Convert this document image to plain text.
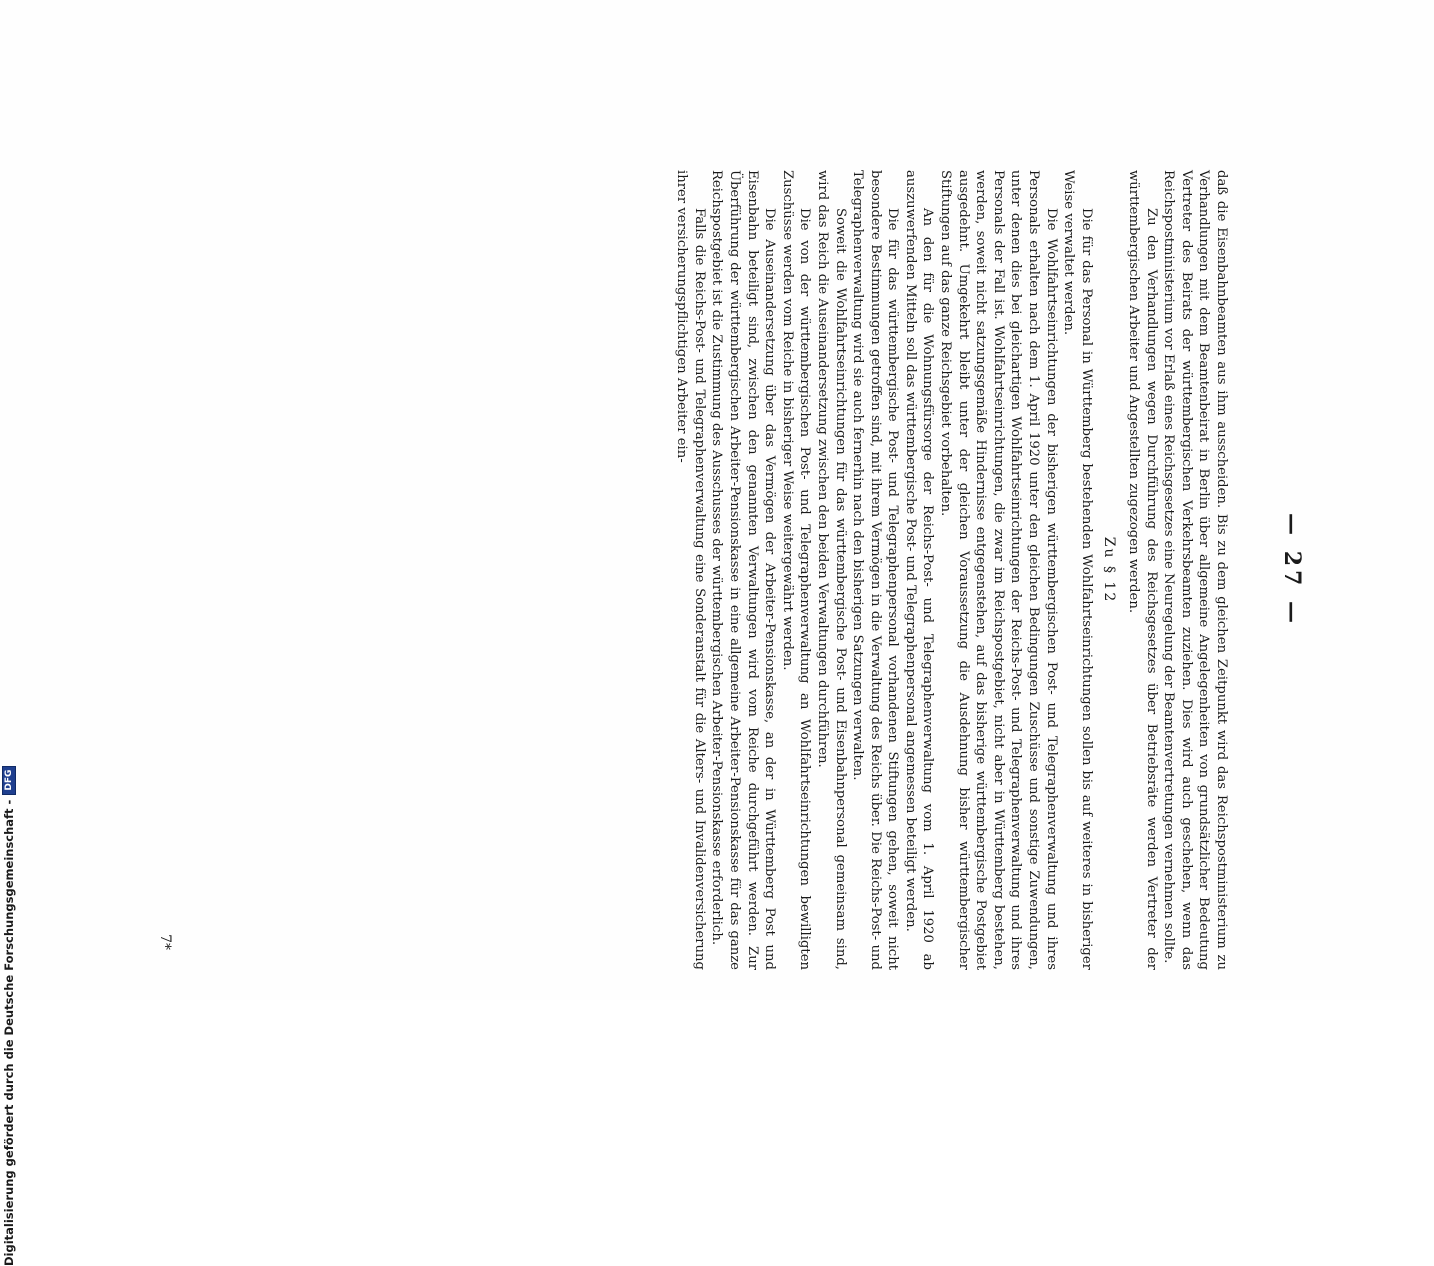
— 27 —

daß die Eisenbahnbeamten aus ihm ausscheiden. Bis zu dem gleichen Zeitpunkt wird das Reichspostministerium zu Verhandlungen mit dem Beamtenbeirat in Berlin über allgemeine Angelegenheiten von grundsätzlicher Bedeutung Vertreter des Beirats der württembergischen Verkehrsbeamten zuziehen. Dies wird auch geschehen, wenn das Reichspostministerium vor Erlaß eines Reichsgesetzes eine Neuregelung der Beamtenvertretungen vernehmen sollte.

Zu den Verhandlungen wegen Durchführung des Reichsgesetzes über Betriebsräte werden Vertreter der württembergischen Arbeiter und Angestellten zugezogen werden.

Zu § 12

Die für das Personal in Württemberg bestehenden Wohlfahrtseinrichtungen sollen bis auf weiteres in bisheriger Weise verwaltet werden.

Die Wohlfahrtseinrichtungen der bisherigen württembergischen Post- und Telegraphenverwaltung und ihres Personals erhalten nach dem 1. April 1920 unter den gleichen Bedingungen Zuschüsse und sonstige Zuwendungen, unter denen dies bei gleichartigen Wohlfahrtseinrichtungen der Reichs-Post- und Telegraphenverwaltung und ihres Personals der Fall ist. Wohlfahrtseinrichtungen, die zwar im Reichspostgebiet, nicht aber in Württemberg bestehen, werden, soweit nicht satzungsgemäße Hindernisse entgegenstehen, auf das bisherige württembergische Postgebiet ausgedehnt. Umgekehrt bleibt unter der gleichen Voraussetzung die Ausdehnung bisher württembergischer Stiftungen auf das ganze Reichsgebiet vorbehalten.

An den für die Wohnungsfürsorge der Reichs-Post- und Telegraphenverwaltung vom 1. April 1920 ab auszuwerfenden Mitteln soll das württembergische Post- und Telegraphenpersonal angemessen beteiligt werden.

Die für das württembergische Post- und Telegraphenpersonal vorhandenen Stiftungen gehen, soweit nicht besondere Bestimmungen getroffen sind, mit ihrem Vermögen in die Verwaltung des Reichs über. Die Reichs-Post- und Telegraphenverwaltung wird sie auch fernerhin nach den bisherigen Satzungen verwalten.

Soweit die Wohlfahrtseinrichtungen für das württembergische Post- und Eisenbahnpersonal gemeinsam sind, wird das Reich die Auseinandersetzung zwischen den beiden Verwaltungen durchführen.

Die von der württembergischen Post- und Telegraphenverwaltung an Wohlfahrtseinrichtungen bewilligten Zuschüsse werden vom Reiche in bisheriger Weise weitergewährt werden.

Die Auseinandersetzung über das Vermögen der Arbeiter-Pensionskasse, an der in Württemberg Post und Eisenbahn beteiligt sind, zwischen den genannten Verwaltungen wird vom Reiche durchgeführt werden. Zur Überführung der württembergischen Arbeiter-Pensionskasse in eine allgemeine Arbeiter-Pensionskasse für das ganze Reichspostgebiet ist die Zustimmung des Ausschusses der württembergischen Arbeiter-Pensionskasse erforderlich.

Falls die Reichs-Post- und Telegraphenverwaltung eine Sonderanstalt für die Alters- und Invalidenversicherung ihrer versicherungspflichtigen Arbeiter ein-

7*
Digitalisierung gefördert durch die Deutsche Forschungsgemeinschaft -
DFG
